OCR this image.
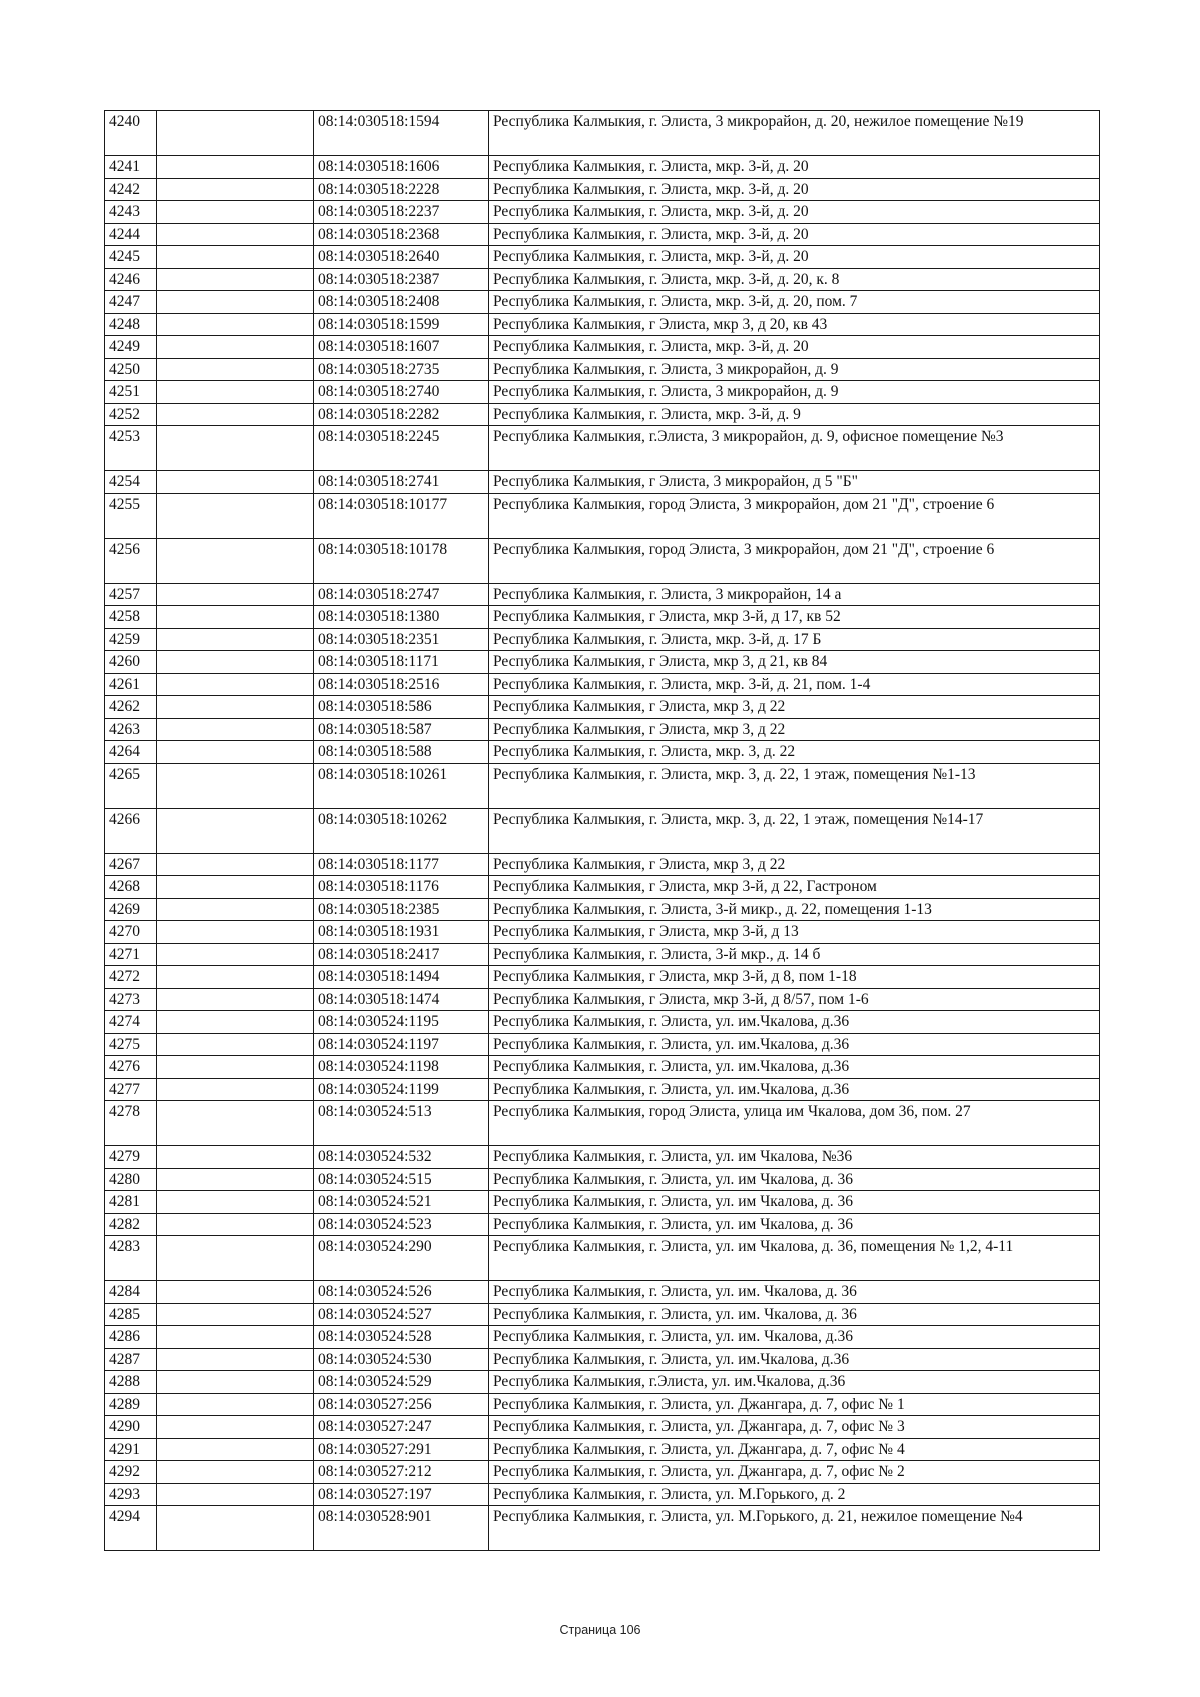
4240		08:14:030518:1594	Республика Калмыкия, г. Элиста, 3 микрорайон, д. 20, нежилое помещение №19
4241		08:14:030518:1606	Республика Калмыкия, г. Элиста, мкр. 3-й, д. 20
4242		08:14:030518:2228	Республика Калмыкия, г. Элиста, мкр. 3-й, д. 20
4243		08:14:030518:2237	Республика Калмыкия, г. Элиста, мкр. 3-й, д. 20
4244		08:14:030518:2368	Республика Калмыкия, г. Элиста, мкр. 3-й, д. 20
4245		08:14:030518:2640	Республика Калмыкия, г. Элиста, мкр. 3-й, д. 20
4246		08:14:030518:2387	Республика Калмыкия, г. Элиста, мкр. 3-й, д. 20, к. 8
4247		08:14:030518:2408	Республика Калмыкия, г. Элиста, мкр. 3-й, д. 20, пом. 7
4248		08:14:030518:1599	Республика Калмыкия, г Элиста, мкр 3, д 20, кв 43
4249		08:14:030518:1607	Республика Калмыкия, г. Элиста, мкр. 3-й, д. 20
4250		08:14:030518:2735	Республика Калмыкия, г. Элиста, 3 микрорайон, д. 9
4251		08:14:030518:2740	Республика Калмыкия, г. Элиста, 3 микрорайон, д. 9
4252		08:14:030518:2282	Республика Калмыкия, г. Элиста, мкр. 3-й, д. 9
4253		08:14:030518:2245	Республика Калмыкия, г.Элиста, 3 микрорайон, д. 9, офисное помещение №3
4254		08:14:030518:2741	Республика Калмыкия, г Элиста, 3 микрорайон, д 5 "Б"
4255		08:14:030518:10177	Республика Калмыкия, город Элиста, 3 микрорайон, дом 21 "Д", строение 6
4256		08:14:030518:10178	Республика Калмыкия, город Элиста, 3 микрорайон, дом 21 "Д", строение 6
4257		08:14:030518:2747	Республика Калмыкия, г. Элиста, 3 микрорайон, 14 а
4258		08:14:030518:1380	Республика Калмыкия, г Элиста, мкр 3-й, д 17, кв 52
4259		08:14:030518:2351	Республика Калмыкия, г. Элиста, мкр. 3-й, д. 17 Б
4260		08:14:030518:1171	Республика Калмыкия, г Элиста, мкр 3, д 21, кв 84
4261		08:14:030518:2516	Республика Калмыкия, г. Элиста, мкр. 3-й, д. 21, пом. 1-4
4262		08:14:030518:586	Республика Калмыкия, г Элиста, мкр 3, д 22
4263		08:14:030518:587	Республика Калмыкия, г Элиста, мкр 3, д 22
4264		08:14:030518:588	Республика Калмыкия, г. Элиста, мкр. 3, д. 22
4265		08:14:030518:10261	Республика Калмыкия, г. Элиста, мкр. 3, д. 22, 1 этаж, помещения №1-13
4266		08:14:030518:10262	Республика Калмыкия, г. Элиста, мкр. 3, д. 22, 1 этаж, помещения №14-17
4267		08:14:030518:1177	Республика Калмыкия, г Элиста, мкр 3, д 22
4268		08:14:030518:1176	Республика Калмыкия, г Элиста, мкр 3-й, д 22, Гастроном
4269		08:14:030518:2385	Республика Калмыкия, г. Элиста, 3-й микр., д. 22, помещения 1-13
4270		08:14:030518:1931	Республика Калмыкия, г Элиста, мкр 3-й, д 13
4271		08:14:030518:2417	Республика Калмыкия, г. Элиста, 3-й мкр., д. 14 б
4272		08:14:030518:1494	Республика Калмыкия, г Элиста, мкр 3-й, д 8, пом 1-18
4273		08:14:030518:1474	Республика Калмыкия, г Элиста, мкр 3-й, д 8/57, пом 1-6
4274		08:14:030524:1195	Республика Калмыкия, г. Элиста, ул. им.Чкалова, д.36
4275		08:14:030524:1197	Республика Калмыкия, г. Элиста, ул. им.Чкалова, д.36
4276		08:14:030524:1198	Республика Калмыкия, г. Элиста, ул. им.Чкалова, д.36
4277		08:14:030524:1199	Республика Калмыкия, г. Элиста, ул. им.Чкалова, д.36
4278		08:14:030524:513	Республика Калмыкия, город Элиста, улица им Чкалова, дом 36, пом. 27
4279		08:14:030524:532	Республика Калмыкия, г. Элиста, ул. им Чкалова, №36
4280		08:14:030524:515	Республика Калмыкия, г. Элиста, ул. им Чкалова, д. 36
4281		08:14:030524:521	Республика Калмыкия, г. Элиста, ул. им Чкалова, д. 36
4282		08:14:030524:523	Республика Калмыкия, г. Элиста, ул. им Чкалова, д. 36
4283		08:14:030524:290	Республика Калмыкия, г. Элиста, ул. им Чкалова, д. 36, помещения № 1,2, 4-11
4284		08:14:030524:526	Республика Калмыкия, г. Элиста, ул. им. Чкалова, д. 36
4285		08:14:030524:527	Республика Калмыкия, г. Элиста, ул. им. Чкалова, д. 36
4286		08:14:030524:528	Республика Калмыкия, г. Элиста, ул. им. Чкалова, д.36
4287		08:14:030524:530	Республика Калмыкия, г. Элиста, ул. им.Чкалова, д.36
4288		08:14:030524:529	Республика Калмыкия, г.Элиста, ул. им.Чкалова, д.36
4289		08:14:030527:256	Республика Калмыкия, г. Элиста, ул. Джангара, д. 7, офис № 1
4290		08:14:030527:247	Республика Калмыкия, г. Элиста, ул. Джангара, д. 7, офис № 3
4291		08:14:030527:291	Республика Калмыкия, г. Элиста, ул. Джангара, д. 7, офис № 4
4292		08:14:030527:212	Республика Калмыкия, г. Элиста, ул. Джангара, д. 7, офис № 2
4293		08:14:030527:197	Республика Калмыкия, г. Элиста, ул. М.Горького, д. 2
4294		08:14:030528:901	Республика Калмыкия, г. Элиста, ул. М.Горького, д. 21, нежилое помещение №4
Страница 106
